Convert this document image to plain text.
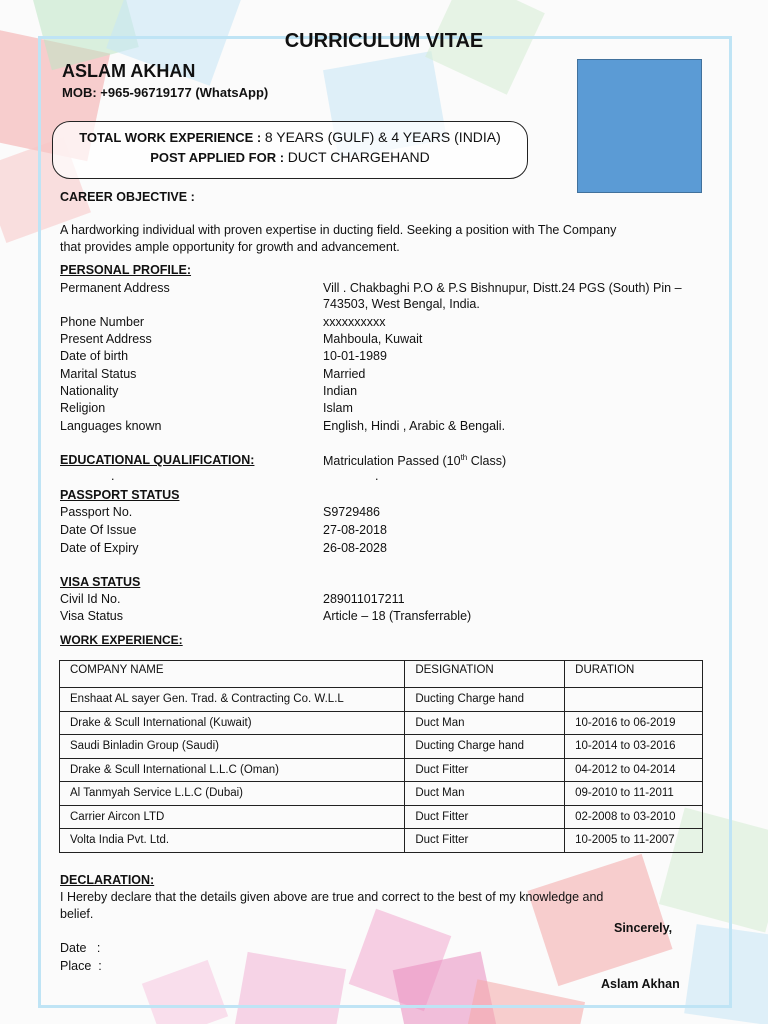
CURRICULUM VITAE
ASLAM AKHAN
MOB: +965-96719177 (WhatsApp)
TOTAL WORK EXPERIENCE : 8 YEARS (GULF) & 4 YEARS (INDIA)
POST APPLIED FOR : DUCT CHARGEHAND
CAREER OBJECTIVE :
A hardworking individual with proven expertise in ducting field. Seeking a position with The Company
that provides ample opportunity for growth and advancement.
PERSONAL PROFILE:
Permanent Address	Vill . Chakbaghi P.O & P.S Bishnupur, Distt.24 PGS (South) Pin –
743503, West Bengal, India.
Phone Number	xxxxxxxxxx
Present Address	Mahboula, Kuwait
Date of birth	10-01-1989
Marital Status	Married
Nationality	Indian
Religion	Islam
Languages known	English, Hindi , Arabic & Bengali.
EDUCATIONAL QUALIFICATION:	Matriculation Passed (10th Class)
.	.
PASSPORT STATUS
Passport No.	S9729486
Date Of Issue	27-08-2018
Date of Expiry	26-08-2028
VISA STATUS
Civil Id No.	289011017211
Visa Status	Article – 18 (Transferrable)
WORK EXPERIENCE:
COMPANY NAME	DESIGNATION	DURATION
Enshaat AL sayer Gen. Trad. & Contracting Co. W.L.L	Ducting Charge hand	
Drake & Scull International (Kuwait)	Duct Man	10-2016 to 06-2019
Saudi Binladin Group (Saudi)	Ducting Charge hand	10-2014 to 03-2016
Drake & Scull International L.L.C (Oman)	Duct Fitter	04-2012 to 04-2014
Al Tanmyah Service L.L.C (Dubai)	Duct Man	09-2010 to 11-2011
Carrier Aircon LTD	Duct Fitter	02-2008 to 03-2010
Volta India Pvt. Ltd.	Duct Fitter	10-2005 to 11-2007
DECLARATION:
I Hereby declare that the details given above are true and correct to the best of my knowledge and
belief.
Sincerely,
Date   :
Place  :
Aslam Akhan
